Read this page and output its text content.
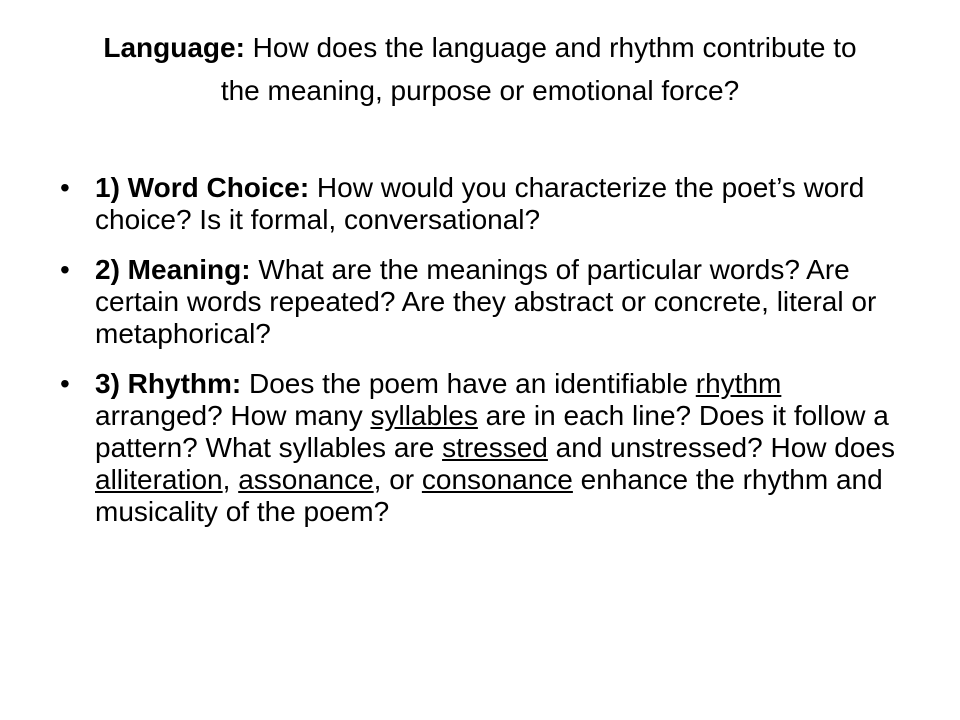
Language: How does the language and rhythm contribute to the meaning, purpose or emotional force?
• 1) Word Choice: How would you characterize the poet’s word choice? Is it formal, conversational?
• 2) Meaning: What are the meanings of particular words? Are certain words repeated? Are they abstract or concrete, literal or metaphorical?
• 3) Rhythm: Does the poem have an identifiable rhythm arranged? How many syllables are in each line? Does it follow a pattern? What syllables are stressed and unstressed? How does alliteration, assonance, or consonance enhance the rhythm and musicality of the poem?
